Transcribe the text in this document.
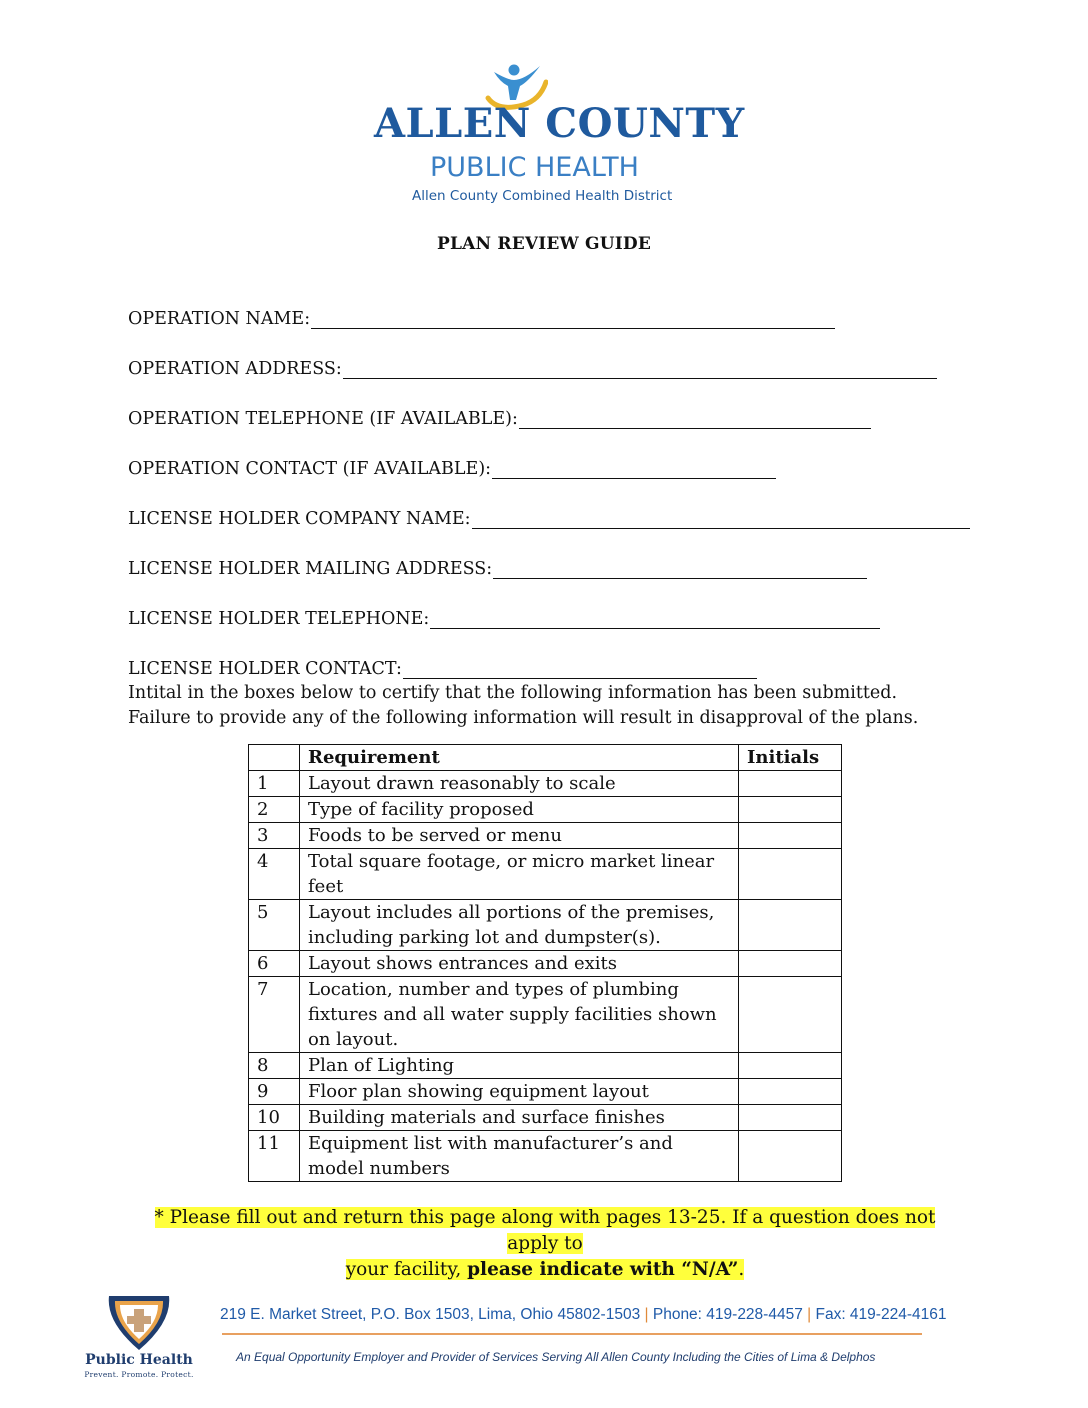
ALLEN COUNTY
PUBLIC HEALTH
Allen County Combined Health District
PLAN REVIEW GUIDE
OPERATION NAME:
OPERATION ADDRESS:
OPERATION TELEPHONE (IF AVAILABLE):
OPERATION CONTACT (IF AVAILABLE):
LICENSE HOLDER COMPANY NAME:
LICENSE HOLDER MAILING ADDRESS:
LICENSE HOLDER TELEPHONE:
LICENSE HOLDER CONTACT:
Intital in the boxes below to certify that the following information has been submitted.
Failure to provide any of the following information will result in disapproval of the plans.
	Requirement	Initials
1	Layout drawn reasonably to scale	
2	Type of facility proposed	
3	Foods to be served or menu	
4	Total square footage, or micro market linear feet	
5	Layout includes all portions of the premises, including parking lot and dumpster(s).	
6	Layout shows entrances and exits	
7	Location, number and types of plumbing fixtures and all water supply facilities shown on layout.	
8	Plan of Lighting	
9	Floor plan showing equipment layout	
10	Building materials and surface finishes	
11	Equipment list with manufacturer’s and model numbers	
* Please fill out and return this page along with pages 13-25. If a question does not apply to
your facility, please indicate with “N/A”.
Public Health
Prevent. Promote. Protect.
219 E. Market Street, P.O. Box 1503, Lima, Ohio 45802-1503 | Phone: 419-228-4457 | Fax: 419-224-4161
An Equal Opportunity Employer and Provider of Services Serving All Allen County Including the Cities of Lima & Delphos
